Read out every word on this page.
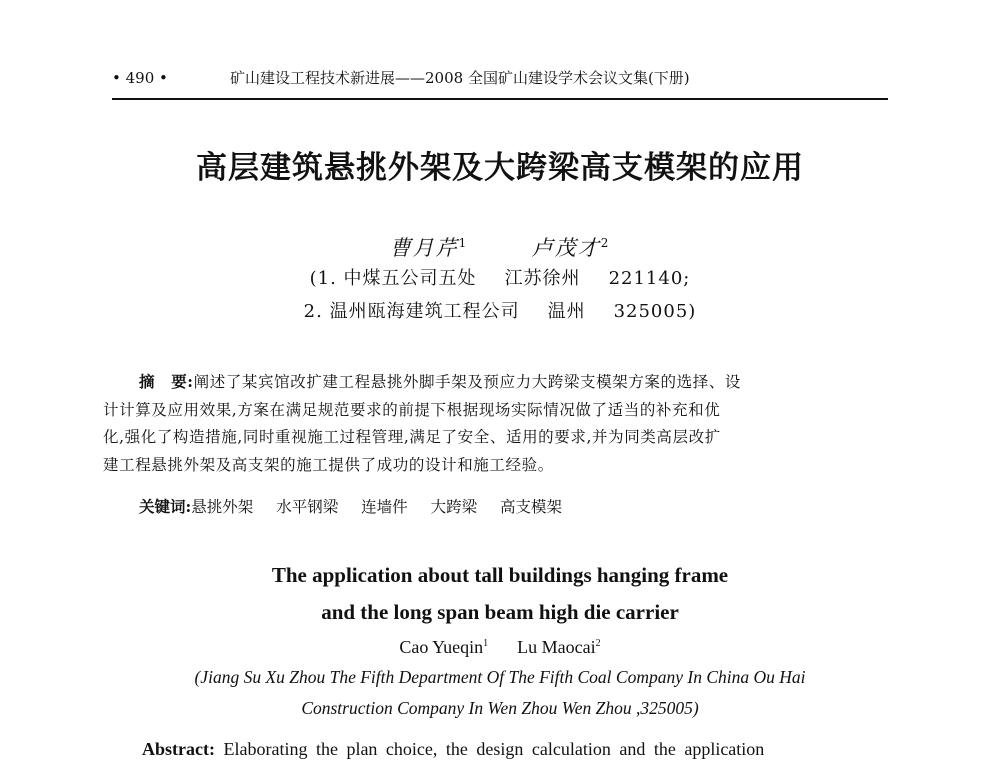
• 490 •	矿山建设工程技术新进展——2008 全国矿山建设学术会议文集(下册)
高层建筑悬挑外架及大跨梁高支模架的应用
曹月芹$^1$	卢茂才$^2$
(1. 中煤五公司五处 江苏徐州 221140;
2. 温州瓯海建筑工程公司 温州 325005)
摘　要:阐述了某宾馆改扩建工程悬挑外脚手架及预应力大跨梁支模架方案的选择、设
计计算及应用效果,方案在满足规范要求的前提下根据现场实际情况做了适当的补充和优
化,强化了构造措施,同时重视施工过程管理,满足了安全、适用的要求,并为同类高层改扩
建工程悬挑外架及高支架的施工提供了成功的设计和施工经验。
关键词:悬挑外架 水平钢梁 连墙件 大跨梁 高支模架
The application about tall buildings hanging frame
and the long span beam high die carrier
Cao Yueqin$^1$ Lu Maocai$^2$
(Jiang Su Xu Zhou The Fifth Department Of The Fifth Coal Company In China Ou Hai
Construction Company In Wen Zhou Wen Zhou ,325005)
Abstract: Elaborating the plan choice, the design calculation and the application
